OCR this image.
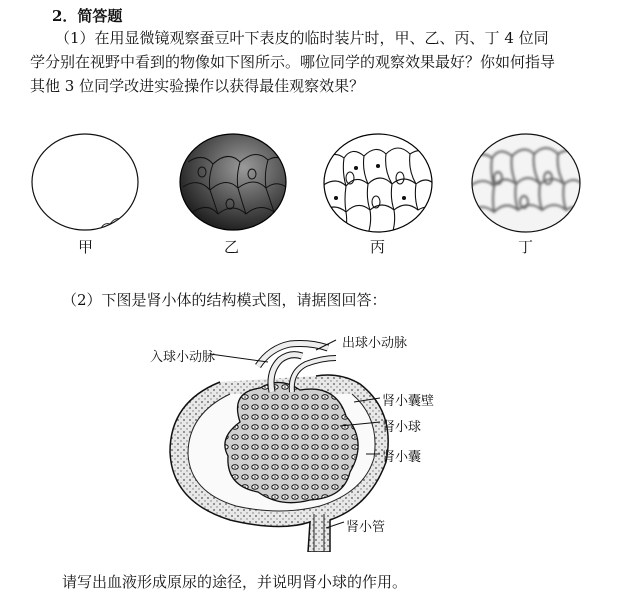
2．简答题
（1）在用显微镜观察蚕豆叶下表皮的临时装片时，甲、乙、丙、丁 4 位同
学分别在视野中看到的物像如下图所示。哪位同学的观察效果最好？你如何指导
其他 3 位同学改进实验操作以获得最佳观察效果？
甲	乙	丙	丁
（2）下图是肾小体的结构模式图，请据图回答：
入球小动脉
出球小动脉
肾小囊壁
肾小球
肾小囊
肾小管
请写出血液形成原尿的途径，并说明肾小球的作用。
